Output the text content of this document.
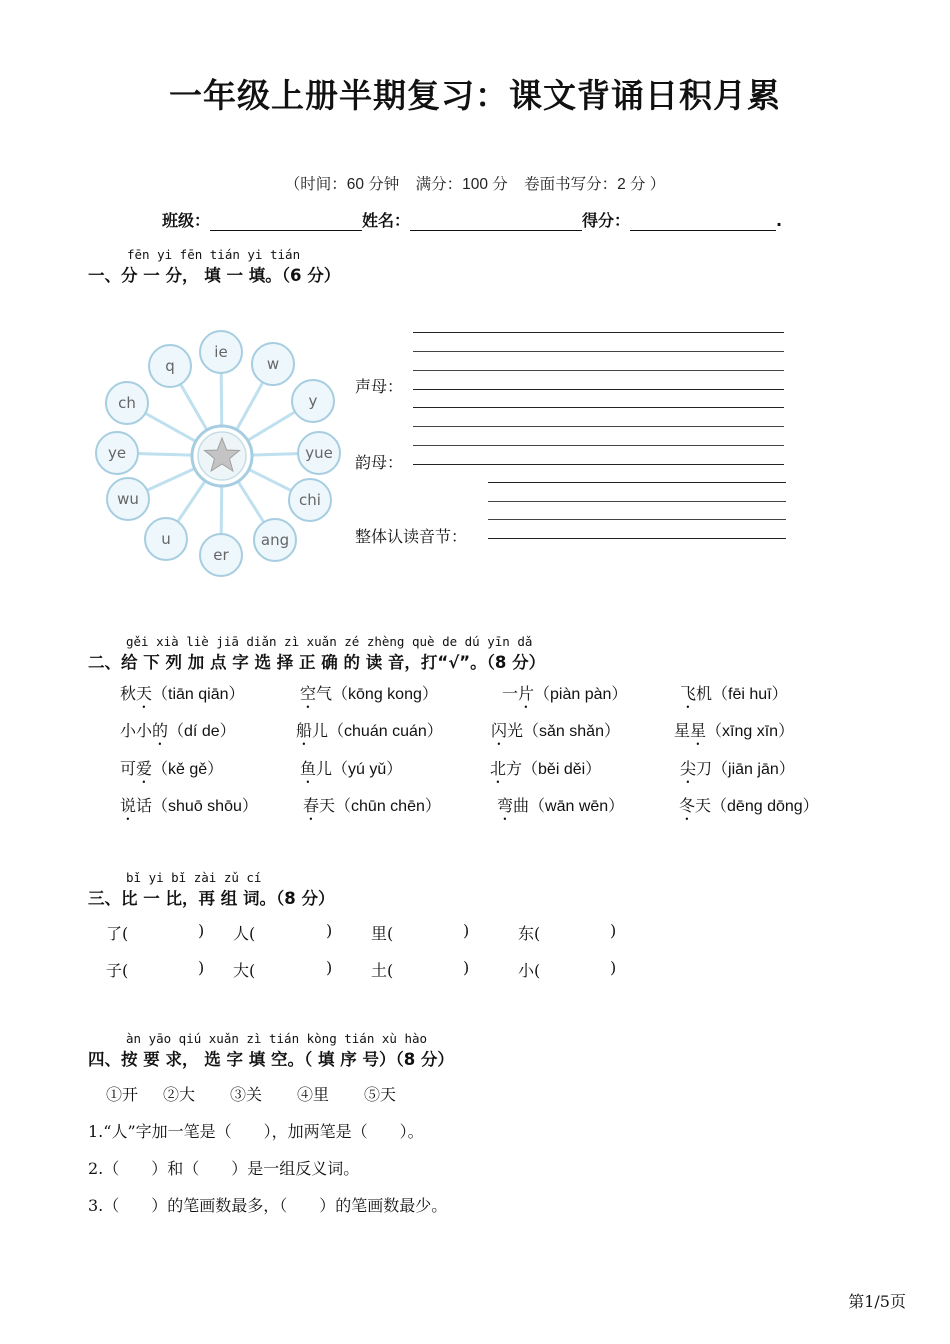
一年级上册半期复习：课文背诵日积月累
（时间：60 分钟 满分：100 分 卷面书写分：2 分 ）
班级：	姓名：	得分：	.
fēn yi fēn tián yi tián
一、分 一 分， 填 一 填。（6 分）
ie
w
y
yue
chi
ang
er
u
wu
ye
ch
q
声母：
韵母：
整体认读音节：
gěi xià liè jiā diǎn zì xuǎn zé zhèng què de dú yīn dǎ
二、给 下 列 加 点 字 选 择 正 确 的 读 音，打“√”。（8 分）
秋天（tiān qiān）	空气（kōng kong）	一片（piàn pàn）	飞机（fēi huī）
小小的（dí de）	船儿（chuán cuán）	闪光（sǎn shǎn）	星星（xīng xīn）
可爱（kě gě）	鱼儿（yú yǔ）	北方（běi děi）	尖刀（jiān jān）
说话（shuō shōu）	春天（chūn chēn）	弯曲（wān wēn）	冬天（dēng dōng）
bǐ yi bǐ zài zǔ cí
三、比 一 比，再 组 词。（8 分）
了(	) 人(	) 里(	)	东(	)
子(	) 大(	) 土(	)	小(	)
àn yāo qiú xuǎn zì tián kòng tián xù hào
四、按 要 求， 选 字 填 空。（ 填 序 号）（8 分）
①开 ②大 ③关 ④里 ⑤天
1.“人”字加一笔是（　　），加两笔是（　　）。
2.（　　）和（　　）是一组反义词。
3.（　　）的笔画数最多，（　　）的笔画数最少。
第1/5页
